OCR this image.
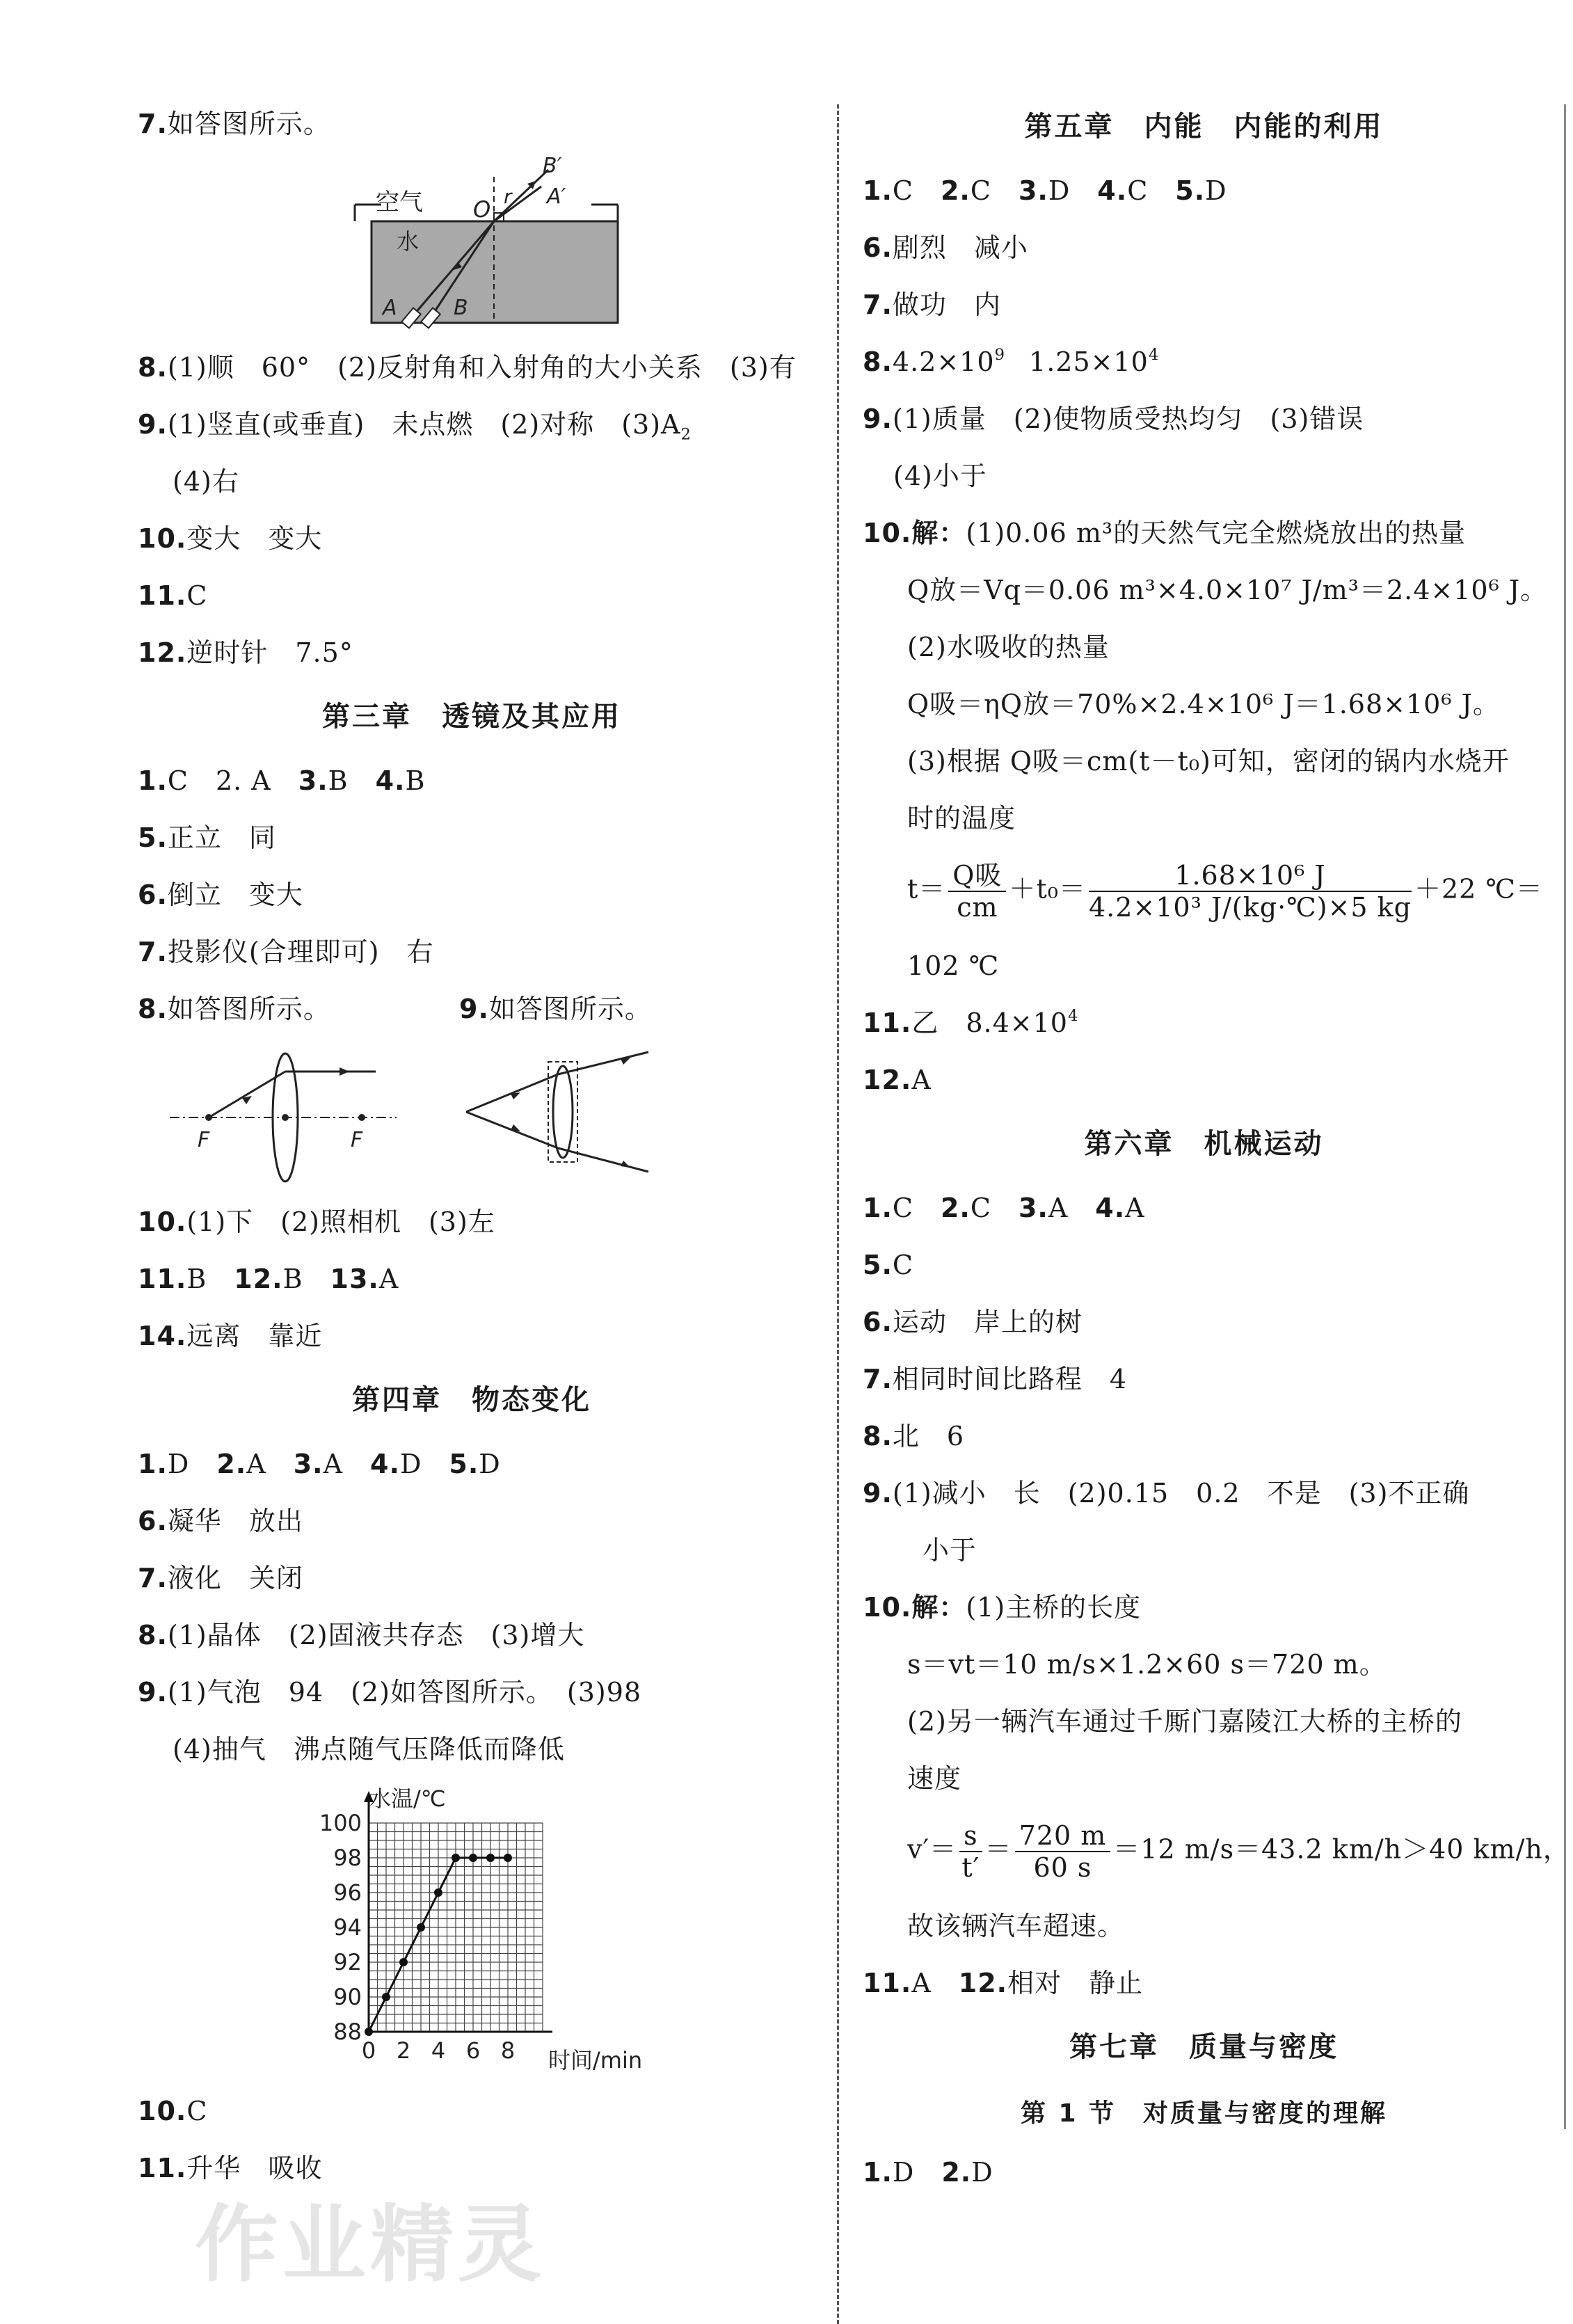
7.如答图所示。
空气
水
O r
B′
A′
A	B
8.(1)顺　60°　(2)反射角和入射角的大小关系　(3)有
9.(1)竖直(或垂直)　未点燃　(2)对称　$(3)A_2$
(4)右
10.变大　变大
11.C
12.逆时针　7.5°
第三章　透镜及其应用
1.C　2. A　3.B　4.B
5.正立　同
6.倒立　变大
7.投影仪(合理即可)　右
8.如答图所示。	9.如答图所示。
F	F
10.(1)下　(2)照相机　(3)左
11.B　12.B　13.A
14.远离　靠近
第四章　物态变化
1.D　2.A　3.A　4.D　5.D
6.凝华　放出
7.液化　关闭
8.(1)晶体　(2)固液共存态　(3)增大
9.(1)气泡　94　(2)如答图所示。　(3)98
(4)抽气　沸点随气压降低而降低
88
90
92
94
96
98
100
0 2 4 6 8
水温/℃
时间/min
10.C
11.升华　吸收
作业精灵
第五章　内能　内能的利用
1.C　2.C　3.D　4.C　5.D
6.剧烈　减小
7.做功　内
$8.4.2\times 10^9$ $1.25\times 10^4$
9.(1)质量　(2)使物质受热均匀　(3)错误
(4)小于
10.解：(1)0.06 m³的天然气完全燃烧放出的热量
Q放＝Vq＝0.06 m³×4.0×10⁷ J/m³＝2.4×10⁶ J。
(2)水吸收的热量
Q吸＝ηQ放＝70%×2.4×10⁶ J＝1.68×10⁶ J。
(3)根据 Q吸＝cm(t－t₀)可知，密闭的锅内水烧开
时的温度
$t= \frac{\text{Q吸}}{cm} +t_0= \frac{\text{1.68×10⁶ J}}{\text{4.2×10³ J/(kg·℃)×5 kg}} +22$ ℃＝
102 ℃
11.乙　$8.4\times 10^4$
12.A
第六章　机械运动
1.C　2.C　3.A　4.A
5.C
6.运动　岸上的树
7.相同时间比路程　4
8.北　6
9.(1)减小　长　(2)0.15　0.2　不是　(3)不正确
小于
10.解：(1)主桥的长度
s＝vt＝10 m/s×1.2×60 s＝720 m。
(2)另一辆汽车通过千厮门嘉陵江大桥的主桥的
速度
$v'= \frac{s}{t'} = \frac{720 m}{60 s} =12$ m/s＝43.2 km/h＞40 km/h，
故该辆汽车超速。
11.A　12.相对　静止
第七章　质量与密度
第 1 节　对质量与密度的理解
1.D　2.D
